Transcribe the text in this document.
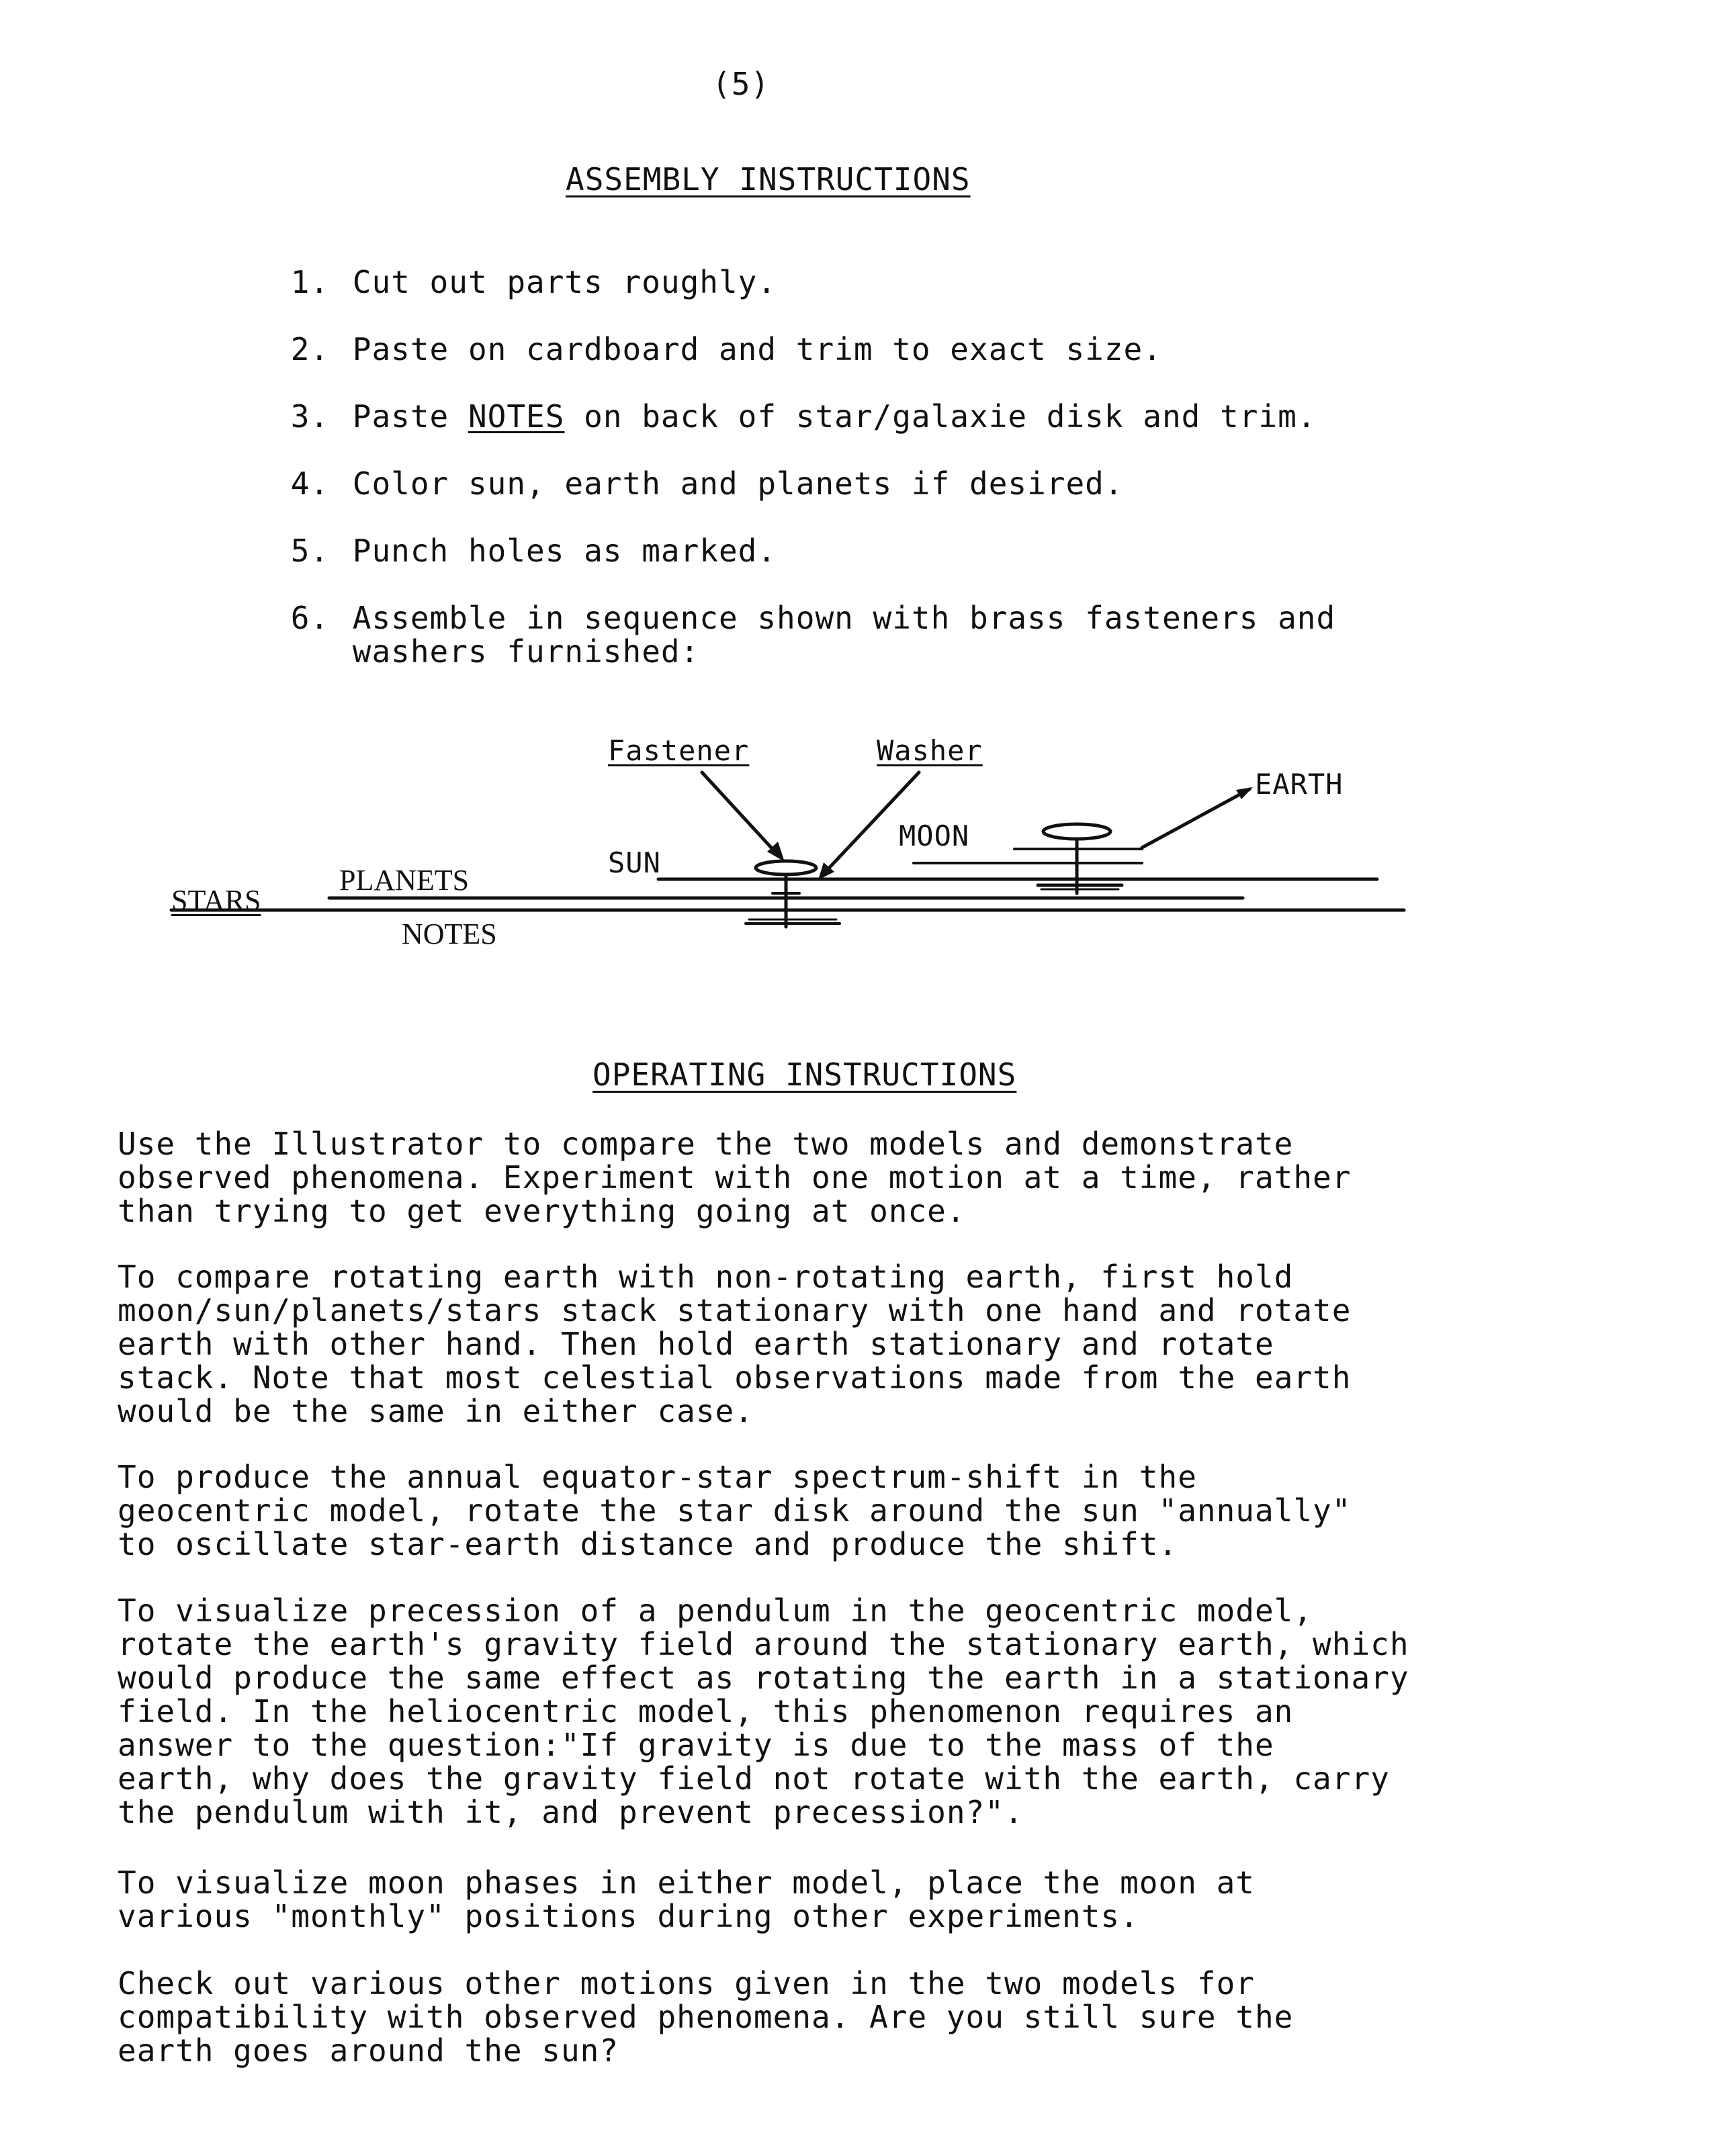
(5)
ASSEMBLY INSTRUCTIONS

1. Cut out parts roughly.

2. Paste on cardboard and trim to exact size.

3. Paste NOTES on back of star/galaxie disk and trim.

4. Color sun, earth and planets if desired.

5. Punch holes as marked.

6. Assemble in sequence shown with brass fasteners and
washers furnished:

Fastener	Washer
EARTH
MOON
SUN
PLANETS
STARS
NOTES
OPERATING INSTRUCTIONS
Use the Illustrator to compare the two models and demonstrate
observed phenomena. Experiment with one motion at a time, rather
than trying to get everything going at once.
To compare rotating earth with non-rotating earth, first hold
moon/sun/planets/stars stack stationary with one hand and rotate
earth with other hand. Then hold earth stationary and rotate
stack. Note that most celestial observations made from the earth
would be the same in either case.
To produce the annual equator-star spectrum-shift in the
geocentric model, rotate the star disk around the sun "annually"
to oscillate star-earth distance and produce the shift.
To visualize precession of a pendulum in the geocentric model,
rotate the earth's gravity field around the stationary earth, which
would produce the same effect as rotating the earth in a stationary
field. In the heliocentric model, this phenomenon requires an
answer to the question:"If gravity is due to the mass of the
earth, why does the gravity field not rotate with the earth, carry
the pendulum with it, and prevent precession?".
To visualize moon phases in either model, place the moon at
various "monthly" positions during other experiments.
Check out various other motions given in the two models for
compatibility with observed phenomena. Are you still sure the
earth goes around the sun?
